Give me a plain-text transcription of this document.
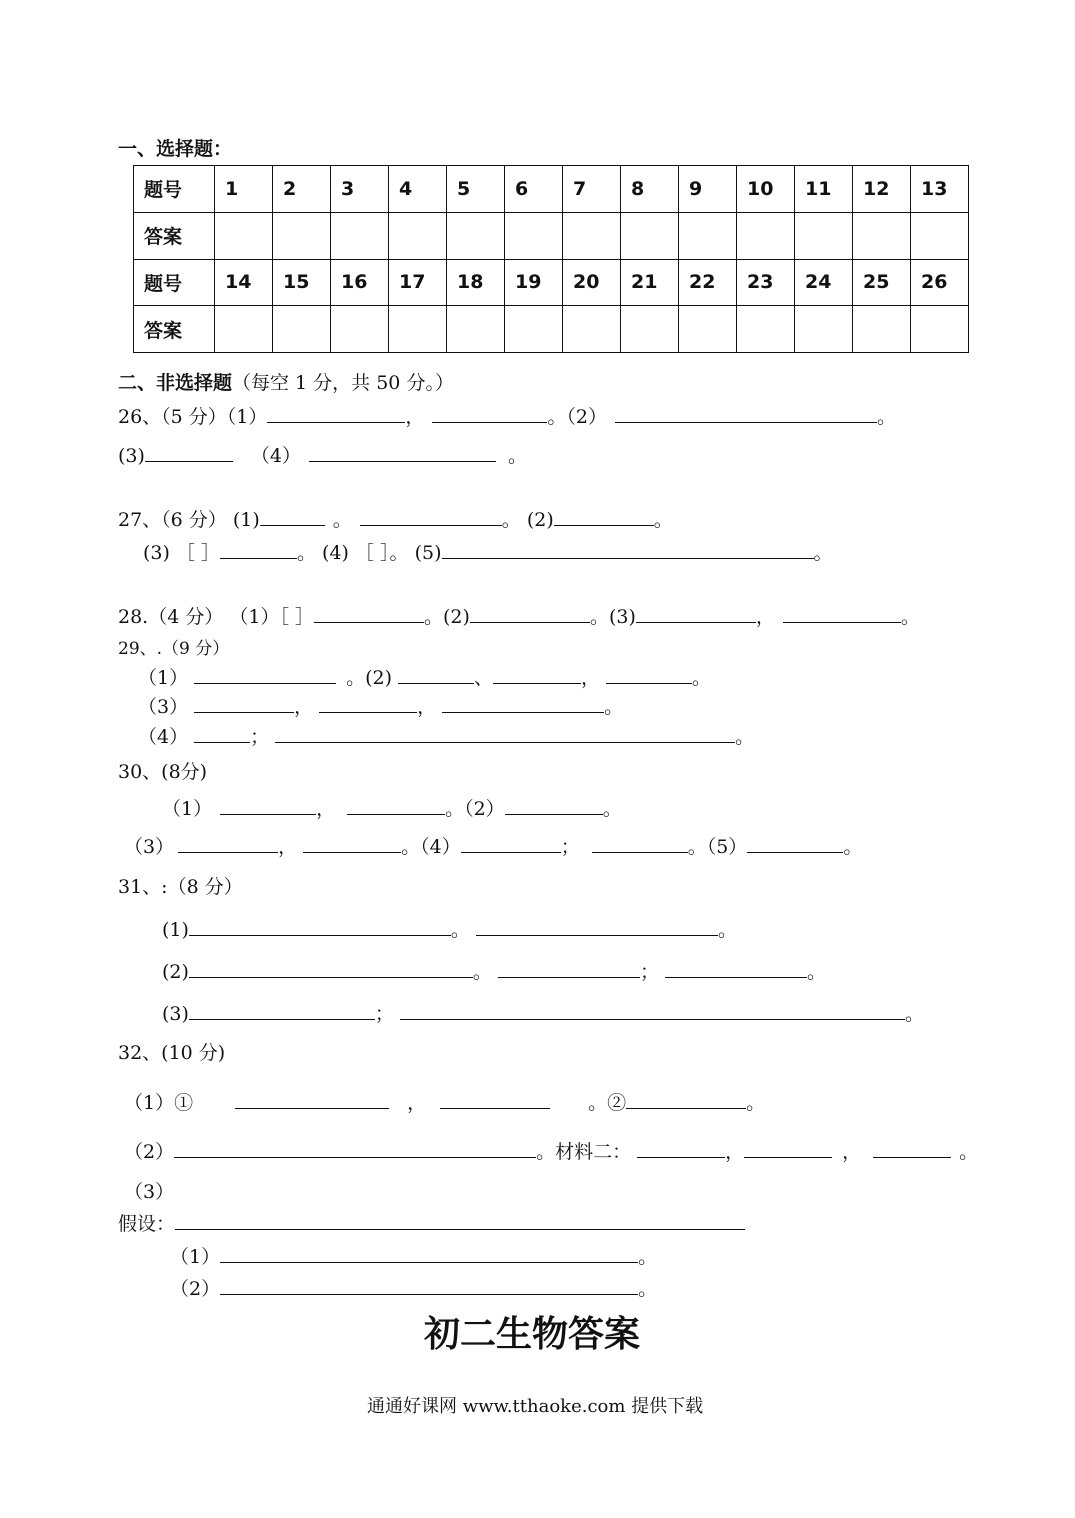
一、选择题：
题号	1	2	3	4	5	6	7	8	9	10	11	12	13
答案													
题号	14	15	16	17	18	19	20	21	22	23	24	25	26
答案													
二、非选择题（每空 1 分，共 50 分。）
26、（5 分）（1）	，	。（2）	。
(3)	（4）	。
27、（6 分） (1)	。	。 (2)	。
(3) ［ ］	。 (4) ［ ］。 (5)	。
28.（4 分） （1）［ ］	。(2)	。(3)	，	。
29、.（9 分）
（1）	。(2)	、	，	。
（3）	，	，	。
（4）	；	。
30、(8分)
（1）	，	。（2）	。
（3）	，	。（4）	；	。（5）	。
31、:（8 分）
(1)	。	。
(2)	。	；	。
(3)	；	。
32、(10 分)
（1）①	，	。②	。
（2）	。材料二：	，	，	。
（3）
假设：
（1）	。
（2）	。
初二生物答案
通通好课网 www.tthaoke.com 提供下载
